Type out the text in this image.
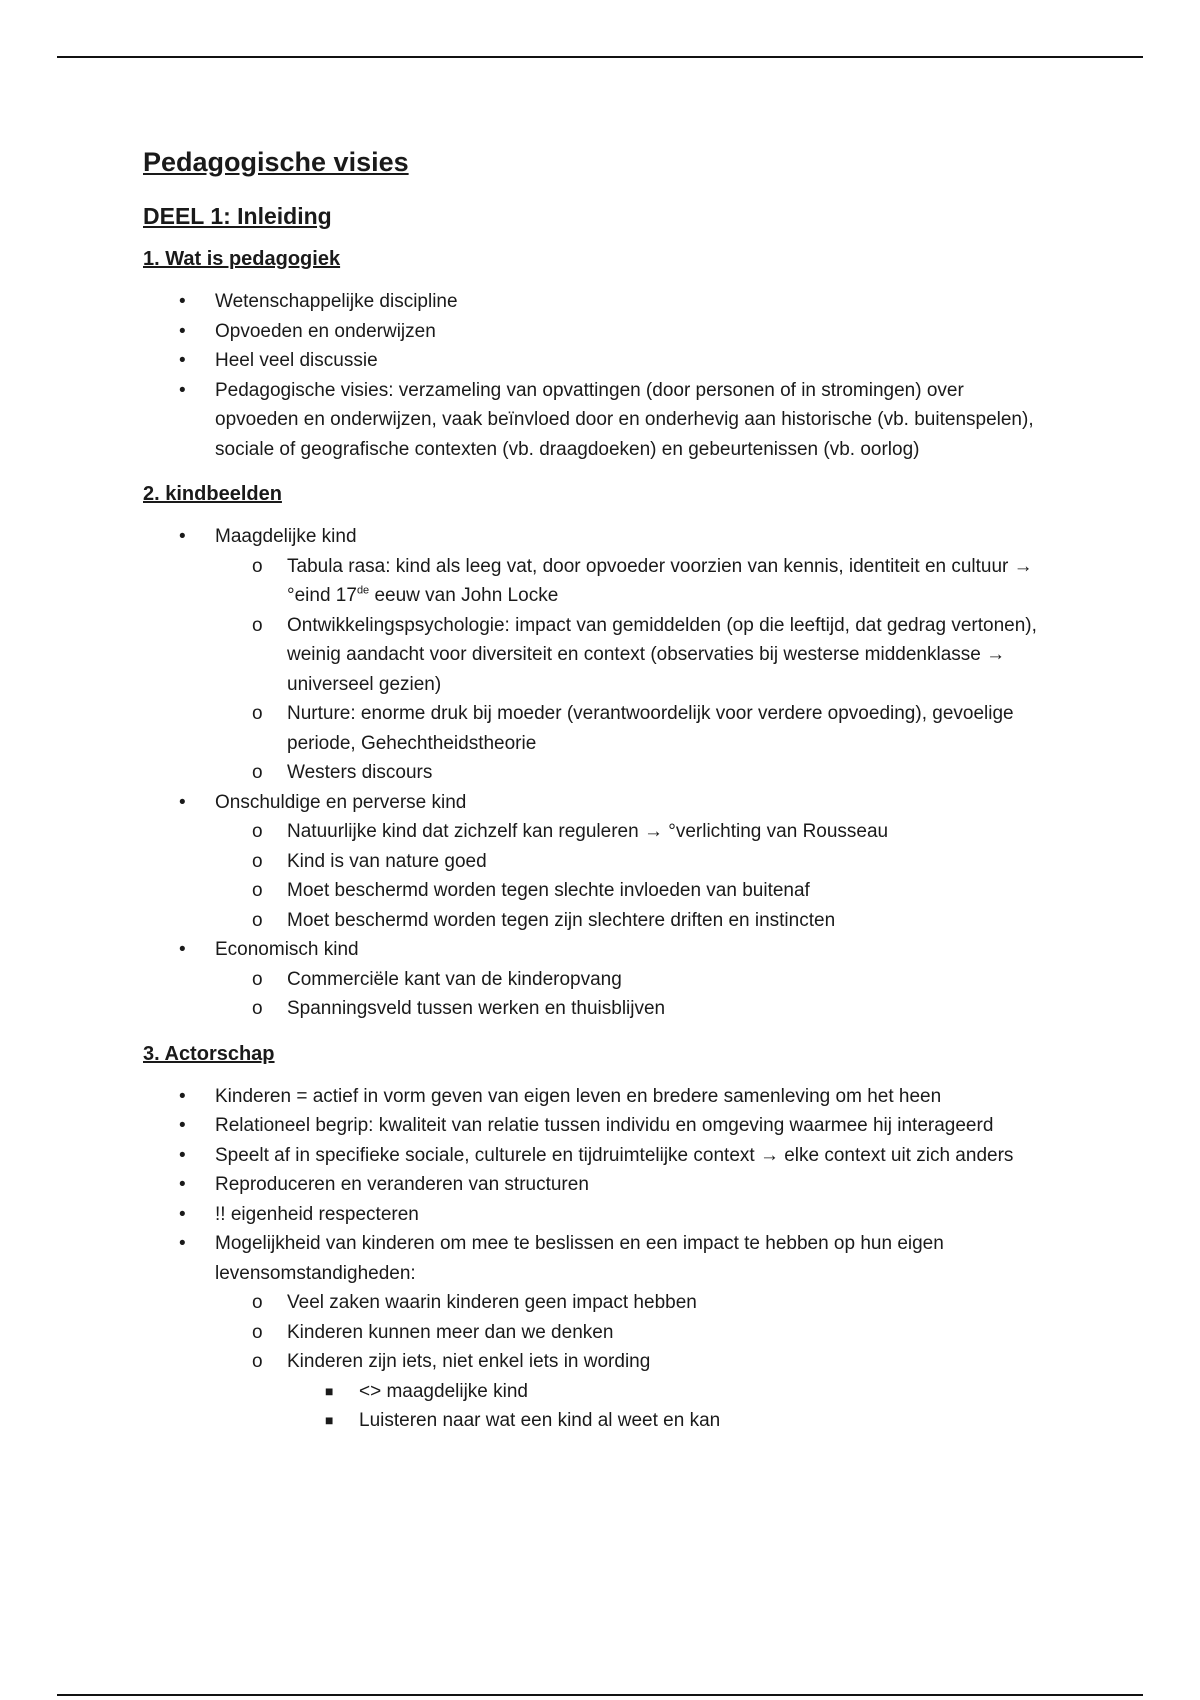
Pedagogische visies
DEEL 1: Inleiding
1. Wat is pedagogiek
• Wetenschappelijke discipline
• Opvoeden en onderwijzen
• Heel veel discussie
• Pedagogische visies: verzameling van opvattingen (door personen of in stromingen) over opvoeden en onderwijzen, vaak beïnvloed door en onderhevig aan historische (vb. buitenspelen), sociale of geografische contexten (vb. draagdoeken) en gebeurtenissen (vb. oorlog)
2. kindbeelden
• Maagdelijke kind
o Tabula rasa: kind als leeg vat, door opvoeder voorzien van kennis, identiteit en cultuur → °eind 17de eeuw van John Locke
o Ontwikkelingspsychologie: impact van gemiddelden (op die leeftijd, dat gedrag vertonen), weinig aandacht voor diversiteit en context (observaties bij westerse middenklasse → universeel gezien)
o Nurture: enorme druk bij moeder (verantwoordelijk voor verdere opvoeding), gevoelige periode, Gehechtheidstheorie
o Westers discours
• Onschuldige en perverse kind
o Natuurlijke kind dat zichzelf kan reguleren → °verlichting van Rousseau
o Kind is van nature goed
o Moet beschermd worden tegen slechte invloeden van buitenaf
o Moet beschermd worden tegen zijn slechtere driften en instincten
• Economisch kind
o Commerciële kant van de kinderopvang
o Spanningsveld tussen werken en thuisblijven
3. Actorschap
• Kinderen = actief in vorm geven van eigen leven en bredere samenleving om het heen
• Relationeel begrip: kwaliteit van relatie tussen individu en omgeving waarmee hij interageerd
• Speelt af in specifieke sociale, culturele en tijdruimtelijke context → elke context uit zich anders
• Reproduceren en veranderen van structuren
• !! eigenheid respecteren
• Mogelijkheid van kinderen om mee te beslissen en een impact te hebben op hun eigen levensomstandigheden:
o Veel zaken waarin kinderen geen impact hebben
o Kinderen kunnen meer dan we denken
o Kinderen zijn iets, niet enkel iets in wording
■ <> maagdelijke kind
■ Luisteren naar wat een kind al weet en kan
